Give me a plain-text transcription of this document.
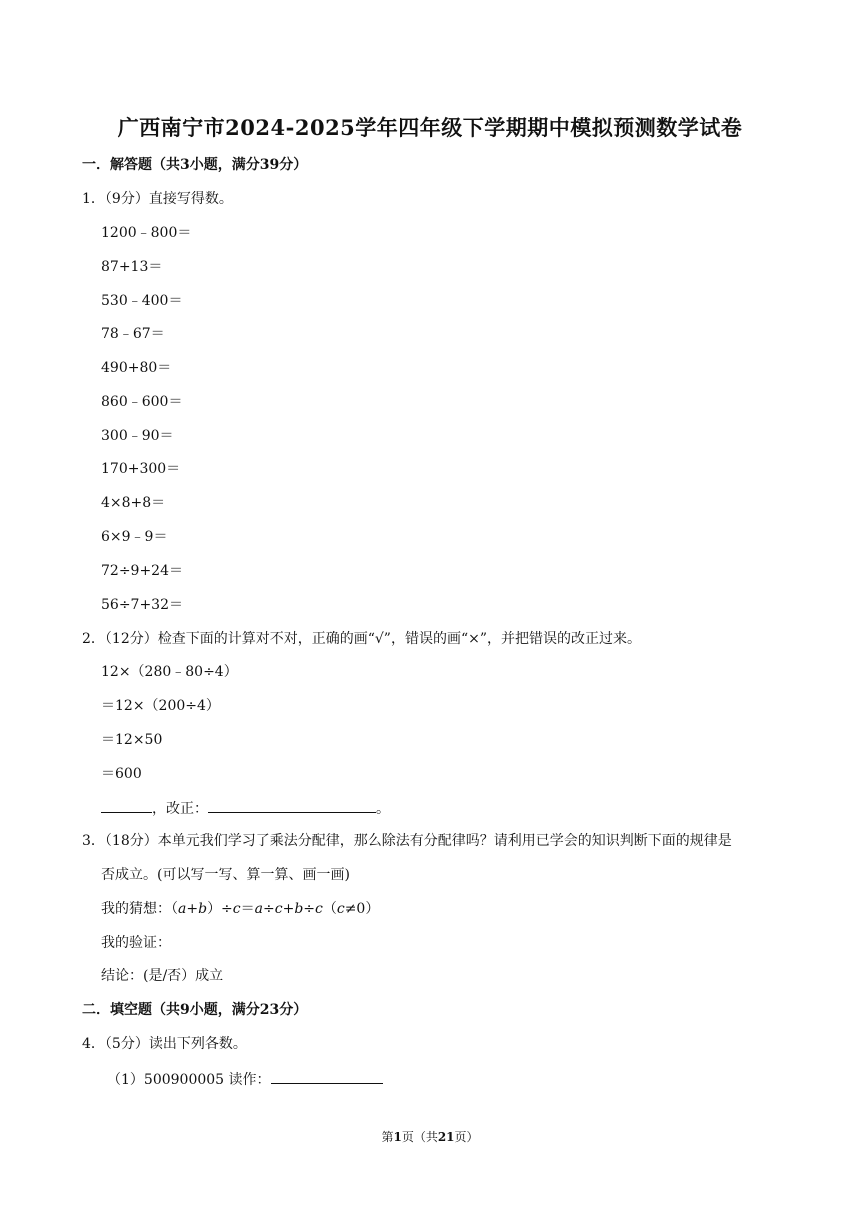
广西南宁市2024-2025学年四年级下学期期中模拟预测数学试卷
一．解答题（共3小题，满分39分）
1．（9分）直接写得数。
1200﹣800＝
87+13＝
530﹣400＝
78﹣67＝
490+80＝
860﹣600＝
300﹣90＝
170+300＝
4×8+8＝
6×9﹣9＝
72÷9+24＝
56÷7+32＝
2．（12分）检查下面的计算对不对，正确的画“√”，错误的画“×”，并把错误的改正过来。
12×（280﹣80÷4）
＝12×（200÷4）
＝12×50
＝600
，改正：	。
3．（18分）本单元我们学习了乘法分配律，那么除法有分配律吗？请利用已学会的知识判断下面的规律是
否成立。(可以写一写、算一算、画一画)
我的猜想：（a+b）÷c＝a÷c+b÷c（c≠0）
我的验证：
结论：(是/否）成立
二．填空题（共9小题，满分23分）
4．（5分）读出下列各数。
（1）500900005 读作：
第1页（共21页）
